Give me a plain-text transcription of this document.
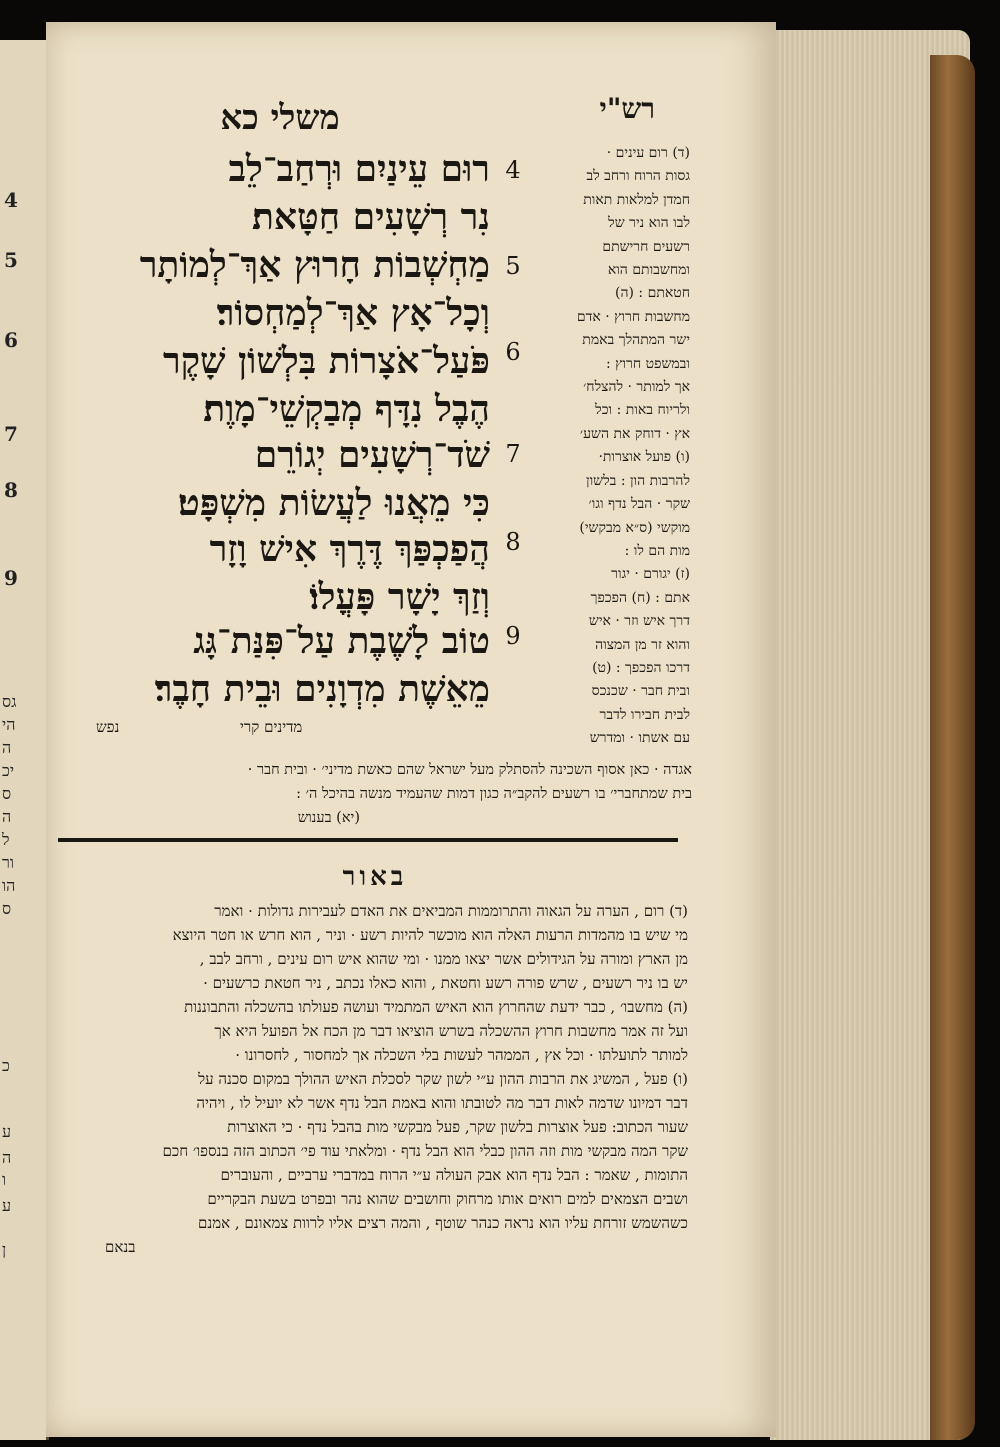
4
5
6
7
8
9
גס
הי
ה
יכ
ס
ה
ל
ור
הו
ס
כ
ע
ה
ו
ע
ן
רש"י
משלי כא
4
רוּם עֵינַיִם וּרְחַב־לֵב
נִר רְשָׁעִים חַטָּאת׃
5
מַחְשְׁבוֹת חָרוּץ אַךְ־לְמוֹתָר
וְכָל־אָץ אַךְ־לְמַחְסוֹר׃
6
פֹּעַל־אֹצָרוֹת בִּלְשׁוֹן שָׁקֶר
הֶבֶל נִדָּף מְבַקְשֵׁי־מָוֶת׃
7
שֹׁד־רְשָׁעִים יְגוֹרֵם
כִּי מֵאֲנוּ לַעֲשׂוֹת מִשְׁפָּט׃
8
הֲפַכְפַּךְ דֶּרֶךְ אִישׁ וָזָר
וְזַךְ יָשָׁר פָּעֳלוֹ׃
9
טוֹב לָשֶׁבֶת עַל־פִּנַּת־גָּג
מֵאֵשֶׁת מִדְוָנִים וּבֵית חָבֶר׃
(ד) רום עינים ·
גסות הרוח ורחב לב
חמדן למלאות תאות
לבו הוא ניר של
רשעים חרישתם
ומחשבותם הוא
חטאתם : (ה)
מחשבות חרוץ · אדם
ישר המתהלך באמת
ובמשפט חרוץ :
אך למותר · להצלח׳
ולריוח באות : וכל
אץ · דוחק את השע׳
(ו) פועל אוצרות·
להרבות הון : בלשון
שקר · הבל נדף וגו׳
מוקשי (ס״א מבקשי)
מות הם לו :
(ז) יגורם · יגור
אתם : (ח) הפכפך
דרך איש וזר · איש
והוא זר מן המצוה
דרכו הפכפך : (ט)
ובית חבר · שכנכס
לבית חבירו לדבר
עם אשתו · ומדרש
נפש	מדינים קרי
אגדה · כאן אסוף השכינה להסתלק מעל ישראל שהם כאשת מדיני׳ · ובית חבר ·
בית שמתחברי׳ בו רשעים להקב״ה כגון דמות שהעמיד מנשה בהיכל ה׳ :
(יא) בענוש
באור
(ד) רום , הערה על הגאוה והתרוממות המביאים את האדם לעבירות גדולות · ואמר
מי שיש בו מהמדות הרעות האלה הוא מוכשר להיות רשע · וניר , הוא חרש או חטר היוצא
מן הארץ ומורה על הגידולים אשר יצאו ממנו · ומי שהוא איש רום עינים , ורחב לבב ,
יש בו ניר רשעים , שרש פורה רשע וחטאת , והוא כאלו נכתב , ניר חטאת כרשעים ·
(ה) מחשבו׳ , כבר ידעת שהחרוץ הוא האיש המתמיד ועושה פעולתו בהשכלה והתבוננות
ועל זה אמר מחשבות חרוץ ההשכלה בשרש הוציאו דבר מן הכח אל הפועל היא אך
למותר לתועלתו · וכל אץ , הממהר לעשות בלי השכלה אך למחסור , לחסרונו ·
(ו) פעל , המשיג את הרבות ההון ע״י לשון שקר לסכלת האיש ההולך במקום סכנה על
דבר דמיונו שדמה לאות דבר מה לטובתו והוא באמת הבל נדף אשר לא יועיל לו , ויהיה
שעור הכתוב: פעל אוצרות בלשון שקר, פעל מבקשי מות בהבל נדף · כי האוצרות
שקר המה מבקשי מות וזה ההון כבלי הוא הבל נדף · ומלאתי עוד פי׳ הכתוב הזה בנספו׳ חכם
התומות , שאמר : הבל נדף הוא אבק העולה ע״י הרוח במדברי ערביים , והעוברים
ושבים הצמאים למים רואים אותו מרחוק וחושבים שהוא נהר ובפרט בשעת הבקריים
כשהשמש זורחת עליו הוא נראה כנהר שוטף , והמה רצים אליו לרוות צמאונם , אמנם
בנאם
